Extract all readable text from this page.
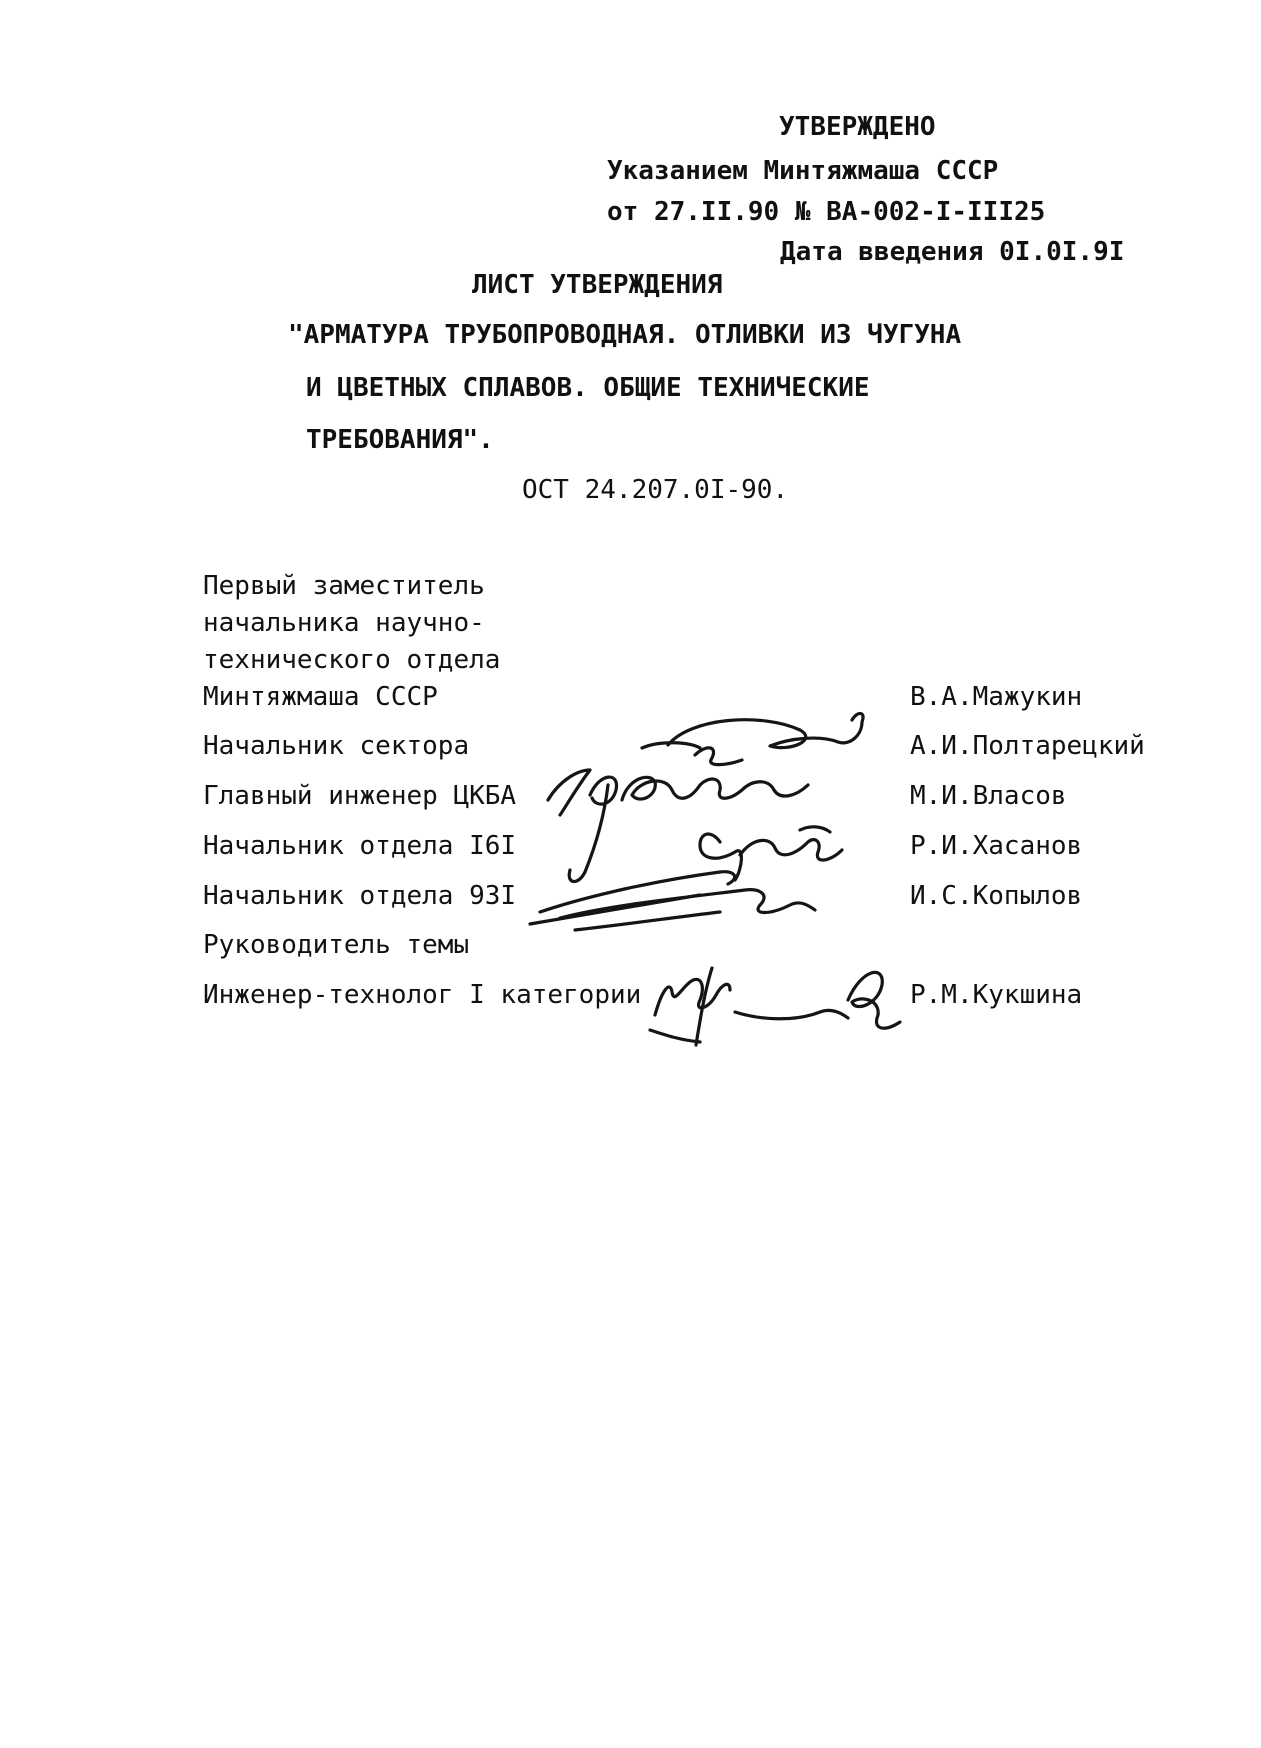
УТВЕРЖДЕНО
Указанием Минтяжмаша СССР
от 27.II.90 № ВА-002-I-III25
Дата введения 0I.0I.9I
ЛИСТ УТВЕРЖДЕНИЯ
"АРМАТУРА ТРУБОПРОВОДНАЯ. ОТЛИВКИ ИЗ ЧУГУНА
И ЦВЕТНЫХ СПЛАВОВ. ОБЩИЕ ТЕХНИЧЕСКИЕ
ТРЕБОВАНИЯ".
ОСТ 24.207.0I-90.
Первый заместитель
начальника научно-
технического отдела
Минтяжмаша СССР	В.А.Мажукин
Начальник сектора	А.И.Полтарецкий
Главный инженер ЦКБА	М.И.Власов
Начальник отдела I6I	Р.И.Хасанов
Начальник отдела 93I	И.С.Копылов
Руководитель темы
Инженер-технолог I категории	Р.М.Кукшина
